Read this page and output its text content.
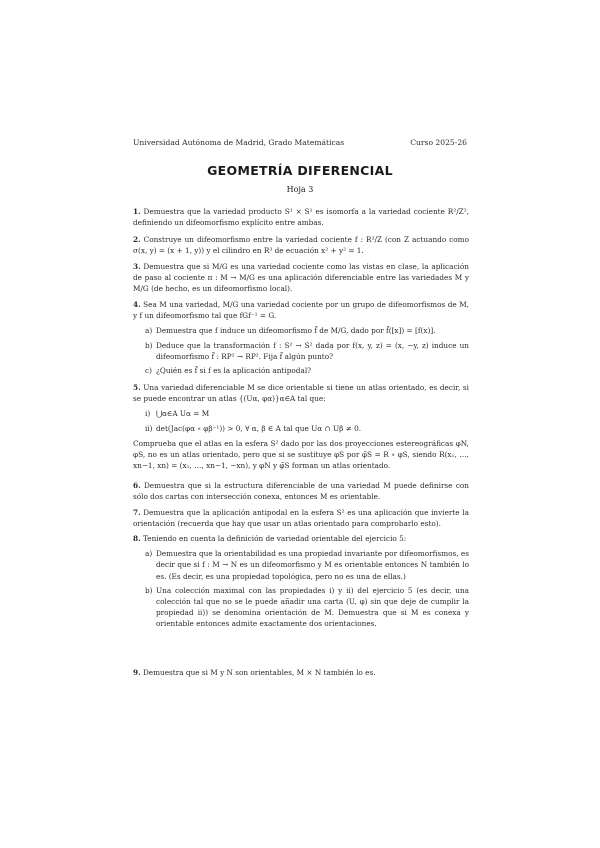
Universidad Autónoma de Madrid, Grado Matemáticas	Curso 2025-26
GEOMETRÍA DIFERENCIAL
Hoja 3

1. Demuestra que la variedad producto S¹ × S¹ es isomorfa a la variedad cociente R²/Z², definiendo un difeomorfismo explícito entre ambas.

2. Construye un difeomorfismo entre la variedad cociente f : R²/Z (con Z actuando como σ(x, y) = (x + 1, y)) y el cilindro en R³ de ecuación x² + y² = 1.

3. Demuestra que si M/G es una variedad cociente como las vistas en clase, la aplicación de paso al cociente π : M → M/G es una aplicación diferenciable entre las variedades M y M/G (de hecho, es un difeomorfismo local).

4. Sea M una variedad, M/G una variedad cociente por un grupo de difeomorfismos de M, y f un difeomorfismo tal que fGf⁻¹ = G.

a) Demuestra que f induce un difeomorfismo f̃ de M/G, dado por f̃([x]) = [f(x)].
b) Deduce que la transformación f : S² → S² dada por f(x, y, z) = (x, −y, z) induce un difeomorfismo f̃ : RP² → RP². Fija f̃ algún punto?
c) ¿Quién es f̃ si f es la aplicación antipodal?

5. Una variedad diferenciable M se dice orientable si tiene un atlas orientado, es decir, si se puede encontrar un atlas {(Uα, φα)}α∈A tal que:

i) ⋃α∈A Uα = M
ii) det(Jac(φα ∘ φβ⁻¹)) > 0, ∀ α, β ∈ A tal que Uα ∩ Uβ ≠ 0.

Comprueba que el atlas en la esfera S² dado por las dos proyecciones estereográficas φN, φS, no es un atlas orientado, pero que si se sustituye φS por φ̃S = R ∘ φS, siendo R(x₁, …, xn−1, xn) = (x₁, …, xn−1, −xn), y φN y φ̃S forman un atlas orientado.

6. Demuestra que si la estructura diferenciable de una variedad M puede definirse con sólo dos cartas con intersección conexa, entonces M es orientable.

7. Demuestra que la aplicación antipodal en la esfera S² es una aplicación que invierte la orientación (recuerda que hay que usar un atlas orientado para comprobarlo esto).

8. Teniendo en cuenta la definición de variedad orientable del ejercicio 5:

a) Demuestra que la orientabilidad es una propiedad invariante por difeomorfismos, es decir que si f : M → N es un difeomorfismo y M es orientable entonces N también lo es. (Es decir, es una propiedad topológica, pero no es una de ellas.)
b) Una colección maximal con las propiedades i) y ii) del ejercicio 5 (es decir, una colección tal que no se le puede añadir una carta (U, φ) sin que deje de cumplir la propiedad ii)) se denomina orientación de M. Demuestra que si M es conexa y orientable entonces admite exactamente dos orientaciones.

9. Demuestra que si M y N son orientables, M × N también lo es.
